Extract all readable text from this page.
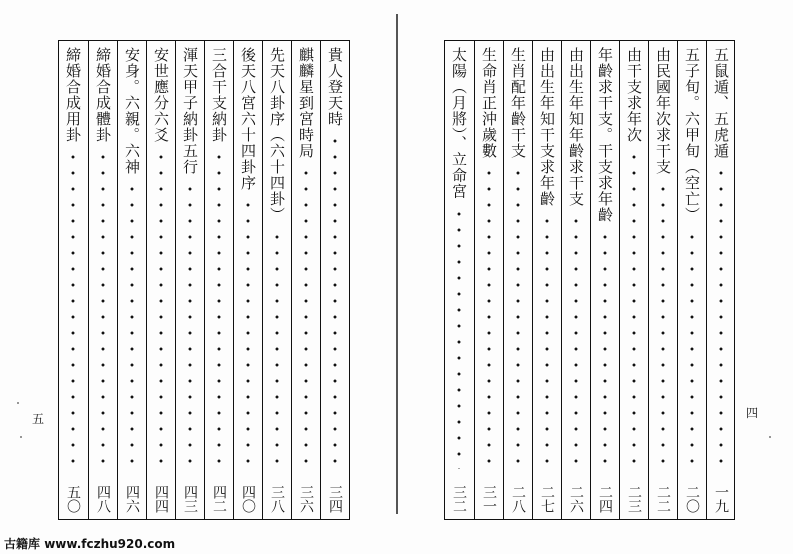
貴人登天時
三四
麒麟星到宮時局
三六
先天八卦序（六十四卦）
三八
後天八宮六十四卦序
四〇
三合干支納卦
四二
渾天甲子納卦五行
四三
安世應分六爻
四四
安身。六親。六神
四六
締婚合成體卦
四八
締婚合成用卦
五〇
五
五鼠遁、五虎遁
一九
五子旬。六甲旬（空亡）
二〇
由民國年次求干支
二二
由干支求年次
二三
年齡求干支。干支求年齡
二四
由出生年知年齡求干支
二六
由出生年知干支求年齡
二七
生肖配年齡干支
二八
生命肖正沖歲數
三一
太陽（月將）、立命宮
三二
四
古籍库 www.fczhu920.com
